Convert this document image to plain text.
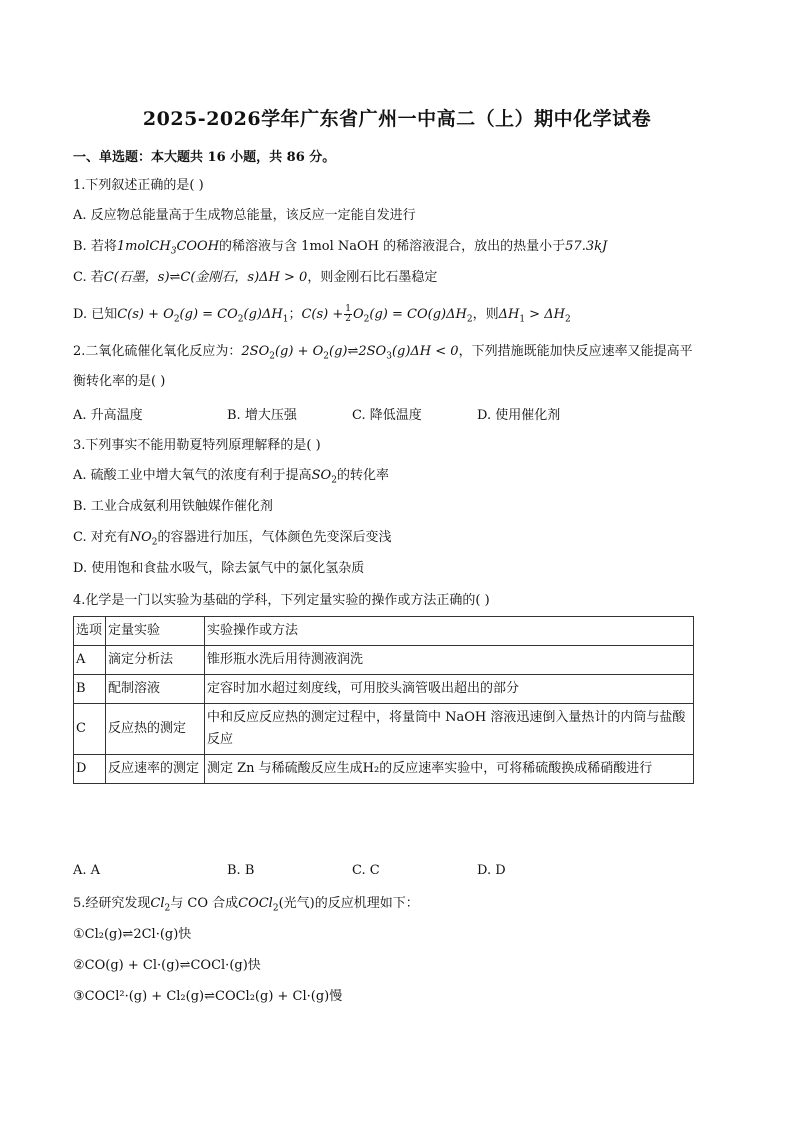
2025-2026学年广东省广州一中高二（上）期中化学试卷
一、单选题：本大题共 16 小题，共 86 分。
1.下列叙述正确的是( )
A. 反应物总能量高于生成物总能量，该反应一定能自发进行
B. 若将1molCH$_3$COOH的稀溶液与含 1mol NaOH 的稀溶液混合，放出的热量小于57.3kJ
C. 若C(石墨，s)⇌C(金刚石，s)ΔH > 0，则金刚石比石墨稳定
D. 已知$C(s) + O_2(g) = CO_2(g)\Delta H_1$；$C(s) + \frac{1}{2} O_2(g) = CO(g)\Delta H_2$，则$\Delta H_1 > \Delta H_2$
2.二氧化硫催化氧化反应为：$2SO_2(g)$ + $O_2(g)\rightleftharpoons 2SO_3(g)\Delta H < 0$，下列措施既能加快反应速率又能提高平
衡转化率的是( )
A. 升高温度	B. 增大压强	C. 降低温度	D. 使用催化剂
3.下列事实不能用勒夏特列原理解释的是( )
A. 硫酸工业中增大氧气的浓度有利于提高$SO_2$的转化率
B. 工业合成氨利用铁触媒作催化剂
C. 对充有$NO_2$的容器进行加压，气体颜色先变深后变浅
D. 使用饱和食盐水吸气，除去氯气中的氯化氢杂质
4.化学是一门以实验为基础的学科，下列定量实验的操作或方法正确的( )
选项	定量实验	实验操作或方法
A	滴定分析法	锥形瓶水洗后用待测液润洗
B	配制溶液	定容时加水超过刻度线，可用胶头滴管吸出超出的部分
C	反应热的测定	中和反应反应热的测定过程中，将量筒中 NaOH 溶液迅速倒入量热计的内筒与盐酸反应
D	反应速率的测定	测定 Zn 与稀硫酸反应生成H₂的反应速率实验中，可将稀硫酸换成稀硝酸进行
A. A	B. B	C. C	D. D
5.经研究发现$Cl_2$与 CO 合成COCl$_2$(光气)的反应机理如下：
①Cl₂(g)⇌2Cl·(g)快
②CO(g) + Cl·(g)⇌COCl·(g)快
③COCl²·(g) + Cl₂(g)⇌COCl₂(g) + Cl·(g)慢
